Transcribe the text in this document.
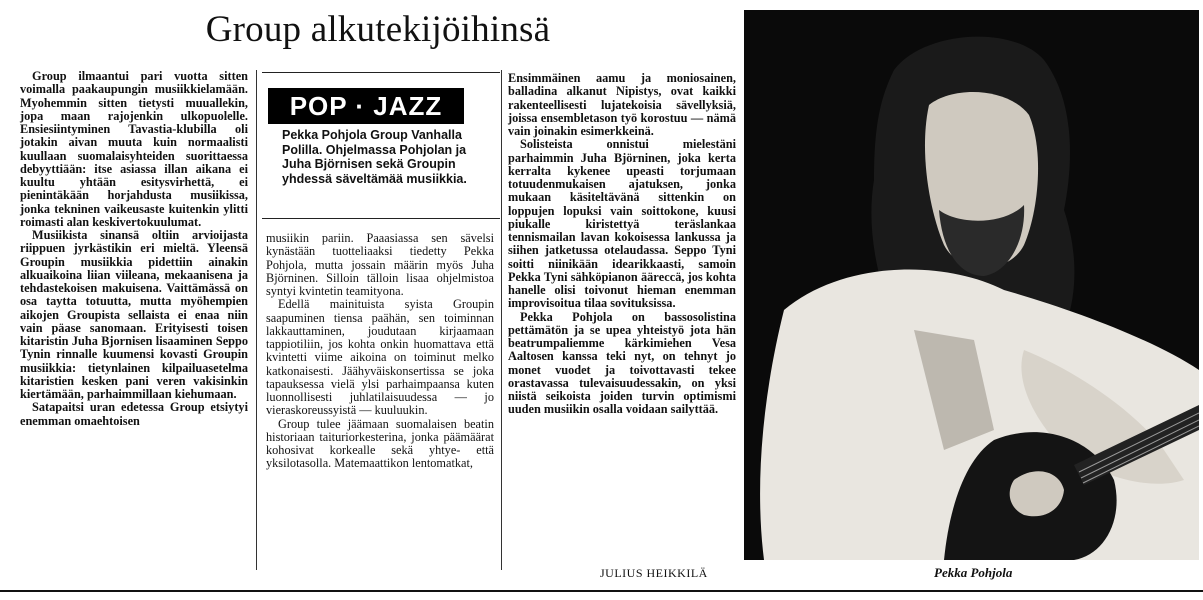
Group alkutekijöihinsä

Group ilmaantui pari vuotta sitten voimalla paakaupungin musiikkielamään. Myohemmin sitten tietysti muuallekin, jopa maan rajojenkin ulkopuolelle. Ensiesiintyminen Tavastia-klubilla oli jotakin aivan muuta kuin normaalisti kuullaan suomalaisyhteiden suorittaessa debyyttiään: itse asiassa illan aikana ei kuultu yhtään esitysvirhettä, ei pienintäkään horjahdusta musiikissa, jonka tekninen vaikeusaste kuitenkin ylitti roimasti alan keskivertokuulumat.

Musiikista sinansä oltiin arvioijasta riippuen jyrkästikin eri mieltä. Yleensä Groupin musiikkia pidettiin ainakin alkuaikoina liian viileana, mekaanisena ja tehdastekoisen makuisena. Vaittämässä on osa taytta totuutta, mutta myöhempien aikojen Groupista sellaista ei enaa niin vain päase sanomaan. Erityisesti toisen kitaristin Juha Bjornisen lisaaminen Seppo Tynin rinnalle kuumensi kovasti Groupin musiikkia: tietynlainen kilpailuasetelma kitaristien kesken pani veren vakisinkin kiertämään, parhaimmillaan kiehumaan.

Satapaitsi uran edetessa Group etsiytyi enemman omaehtoisen

POP · JAZZ
Pekka Pohjola Group Vanhalla Polilla. Ohjelmassa Pohjolan ja Juha Björnisen sekä Groupin yhdessä säveltämää musiikkia.

musiikin pariin. Paaasiassa sen sävelsi kynästään tuotteliaaksi tiedetty Pekka Pohjola, mutta jossain määrin myös Juha Björninen. Silloin tälloin lisaa ohjelmistoa syntyi kvintetin teamityona.

Edellä mainituista syista Groupin saapuminen tiensa paähän, sen toiminnan lakkauttaminen, joudutaan kirjaamaan tappiotiliin, jos kohta onkin huomattava että kvintetti viime aikoina on toiminut melko katkonaisesti. Jäähyväiskonsertissa se joka tapauksessa vielä ylsi parhaimpaansa kuten luonnollisesti juhlatilaisuudessa — jo vieraskoreussyistä — kuuluukin.

Group tulee jäämaan suomalaisen beatin historiaan taituriorkesterina, jonka päämäärat kohosivat korkealle sekä yhtye- että yksilotasolla. Matemaattikon lentomatkat,

Ensimmäinen aamu ja moniosainen, balladina alkanut Nipistys, ovat kaikki rakenteellisesti lujatekoisia sävellyksiä, joissa ensembletason työ korostuu — nämä vain joinakin esimerkkeinä.

Solisteista onnistui mielestäni parhaimmin Juha Björninen, joka kerta kerralta kykenee upeasti torjumaan totuudenmukaisen ajatuksen, jonka mukaan käsiteltävänä sittenkin on loppujen lopuksi vain soittokone, kuusi piukalle kiristettyä teräslankaa tennismailan lavan kokoisessa lankussa ja siihen jatketussa otelaudassa. Seppo Tyni soitti niinikään idearikkaasti, samoin Pekka Tyni sähköpianon äärессä, jos kohta hanelle olisi toivonut hieman enemman improvisoitua tilaa sovituksissa.

Pekka Pohjola on bassosolistina pettämätön ja se upea yhteistyö jota hän beatrumpaliemme kärkimiehen Vesa Aaltosen kanssa teki nyt, on tehnyt jo monet vuodet ja toivottavasti tekee orastavassa tulevaisuudessakin, on yksi niistä seikoista joiden turvin optimismi uuden musiikin osalla voidaan sailyttää.

JULIUS HEIKKILÄ	Pekka Pohjola
